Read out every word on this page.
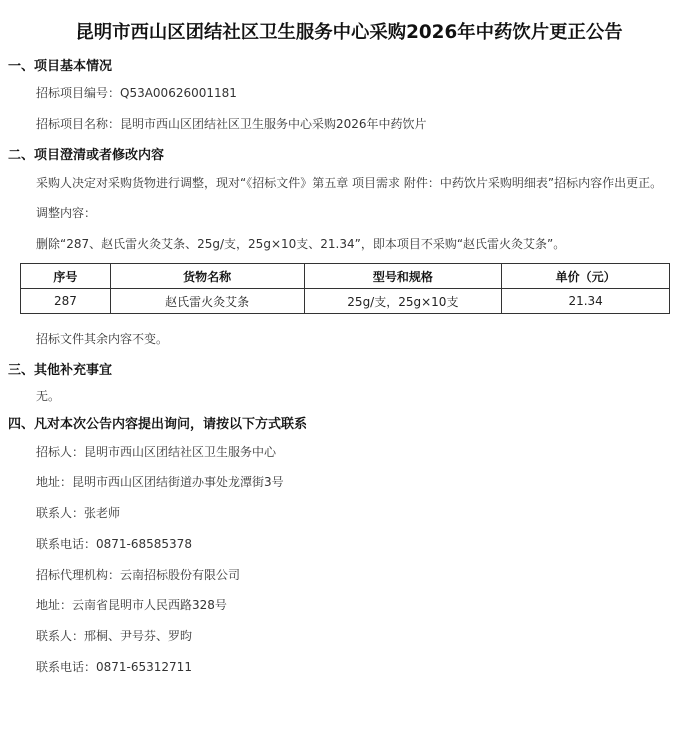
昆明市西山区团结社区卫生服务中心采购2026年中药饮片更正公告
一、项目基本情况
招标项目编号：Q53A00626001181
招标项目名称：昆明市西山区团结社区卫生服务中心采购2026年中药饮片
二、项目澄清或者修改内容
采购人决定对采购货物进行调整，现对“《招标文件》第五章 项目需求 附件：中药饮片采购明细表”招标内容作出更正。
调整内容：
删除“287、赵氏雷火灸艾条、25g/支，25g×10支、21.34”，即本项目不采购“赵氏雷火灸艾条”。
序号	货物名称	型号和规格	单价（元）
287	赵氏雷火灸艾条	25g/支，25g×10支	21.34
招标文件其余内容不变。
三、其他补充事宜
无。
四、凡对本次公告内容提出询问，请按以下方式联系
招标人：昆明市西山区团结社区卫生服务中心
地址：昆明市西山区团结街道办事处龙潭街3号
联系人：张老师
联系电话：0871-68585378
招标代理机构：云南招标股份有限公司
地址：云南省昆明市人民西路328号
联系人：邢桐、尹号芬、罗昀
联系电话：0871-65312711
